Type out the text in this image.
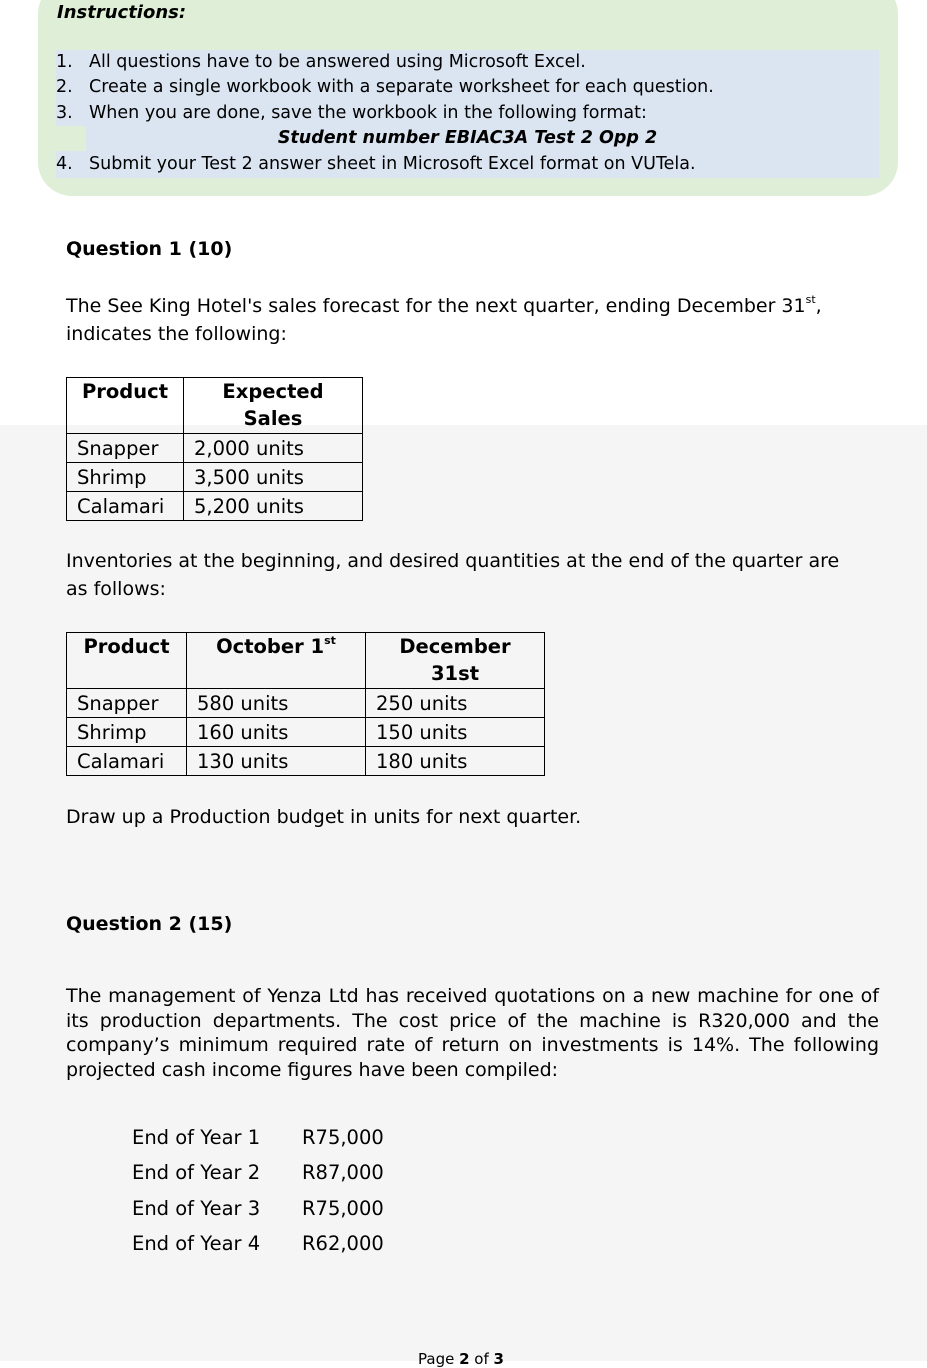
Instructions:
1. All questions have to be answered using Microsoft Excel.
2. Create a single workbook with a separate worksheet for each question.
3. When you are done, save the workbook in the following format:
Student number EBIAC3A Test 2 Opp 2
4. Submit your Test 2 answer sheet in Microsoft Excel format on VUTela.
Question 1 (10)
The See King Hotel's sales forecast for the next quarter, ending December 31st,
indicates the following:
Product	Expected Sales
Snapper	2,000 units
Shrimp	3,500 units
Calamari	5,200 units
Inventories at the beginning, and desired quantities at the end of the quarter are
as follows:
Product	October 1st	December 31st
Snapper	580 units	250 units
Shrimp	160 units	150 units
Calamari	130 units	180 units
Draw up a Production budget in units for next quarter.
Question 2 (15)
The management of Yenza Ltd has received quotations on a new machine for one of its production departments. The cost price of the machine is R320,000 and the company’s minimum required rate of return on investments is 14%. The following projected cash income figures have been compiled:
End of Year 1 R75,000
End of Year 2 R87,000
End of Year 3 R75,000
End of Year 4 R62,000
Page 2 of 3
